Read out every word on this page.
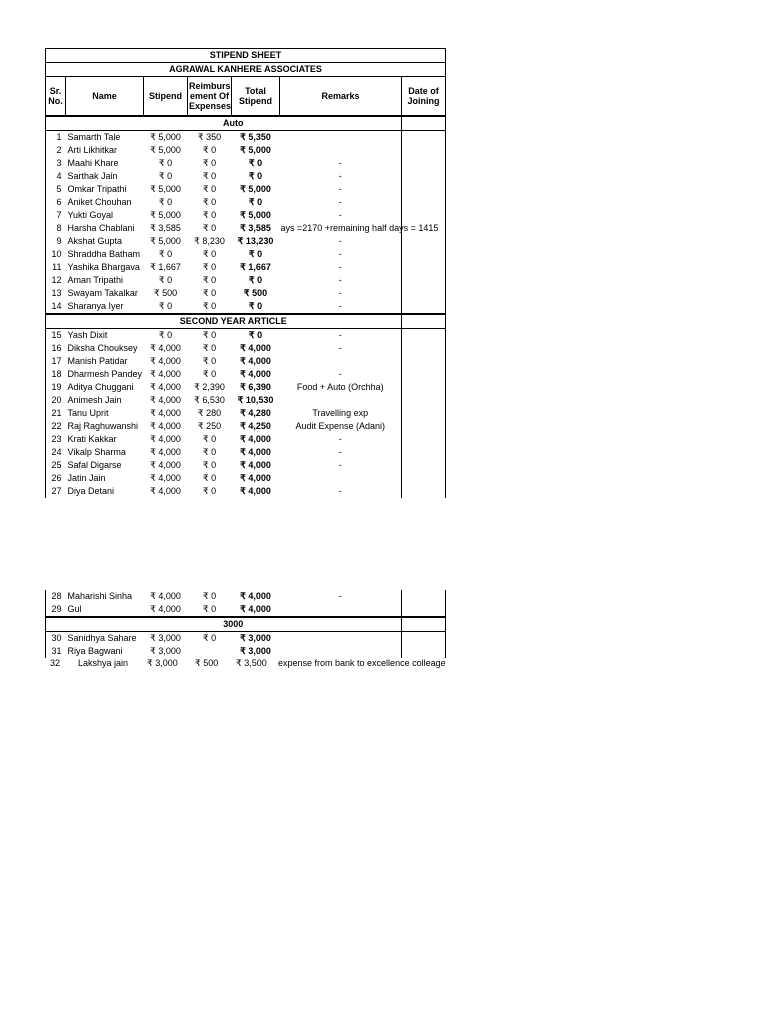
STIPEND SHEET						
AGRAWAL KANHERE ASSOCIATES						
Sr. No.	Name	Stipend	Reimburs ement Of Expenses	Total Stipend	Remarks	Date of Joining
	Auto					
1	Samarth Tale	₹ 5,000	₹ 350	₹ 5,350		
2	Arti Likhitkar	₹ 5,000	₹ 0	₹ 5,000		
3	Maahi Khare	₹ 0	₹ 0	₹ 0	-	
4	Sarthak Jain	₹ 0	₹ 0	₹ 0	-	
5	Omkar Tripathi	₹ 5,000	₹ 0	₹ 5,000	-	
6	Aniket Chouhan	₹ 0	₹ 0	₹ 0	-	
7	Yukti Goyal	₹ 5,000	₹ 0	₹ 5,000	-	
8	Harsha Chablani	₹ 3,585	₹ 0	₹ 3,585	ays =2170 +remaining half days = 1415	
9	Akshat Gupta	₹ 5,000	₹ 8,230	₹ 13,230	-	
10	Shraddha Batham	₹ 0	₹ 0	₹ 0	-	
11	Yashika Bhargava	₹ 1,667	₹ 0	₹ 1,667	-	
12	Aman Tripathi	₹ 0	₹ 0	₹ 0	-	
13	Swayam Takalkar	₹ 500	₹ 0	₹ 500	-	
14	Sharanya Iyer	₹ 0	₹ 0	₹ 0	-	
	SECOND YEAR ARTICLE					
15	Yash Dixit	₹ 0	₹ 0	₹ 0	-	
16	Diksha Chouksey	₹ 4,000	₹ 0	₹ 4,000	-	
17	Manish Patidar	₹ 4,000	₹ 0	₹ 4,000		
18	Dharmesh Pandey	₹ 4,000	₹ 0	₹ 4,000	-	
19	Aditya Chuggani	₹ 4,000	₹ 2,390	₹ 6,390	Food + Auto (Orchha)	
20	Animesh Jain	₹ 4,000	₹ 6,530	₹ 10,530		
21	Tanu Uprit	₹ 4,000	₹ 280	₹ 4,280	Travelling exp	
22	Raj Raghuwanshi	₹ 4,000	₹ 250	₹ 4,250	Audit Expense (Adani)	
23	Krati Kakkar	₹ 4,000	₹ 0	₹ 4,000	-	
24	Vikalp Sharma	₹ 4,000	₹ 0	₹ 4,000	-	
25	Safal Digarse	₹ 4,000	₹ 0	₹ 4,000	-	
26	Jatin Jain	₹ 4,000	₹ 0	₹ 4,000		
27	Diya Detani	₹ 4,000	₹ 0	₹ 4,000	-	
28	Maharishi Sinha	₹ 4,000	₹ 0	₹ 4,000	-	
29	Gul	₹ 4,000	₹ 0	₹ 4,000		
	3000					
30	Sanidhya Sahare	₹ 3,000	₹ 0	₹ 3,000		
31	Riya Bagwani	₹ 3,000		₹ 3,000		
32 Lakshya jain ₹ 3,000 ₹ 500 ₹ 3,500 expense from bank to excellence colleage
